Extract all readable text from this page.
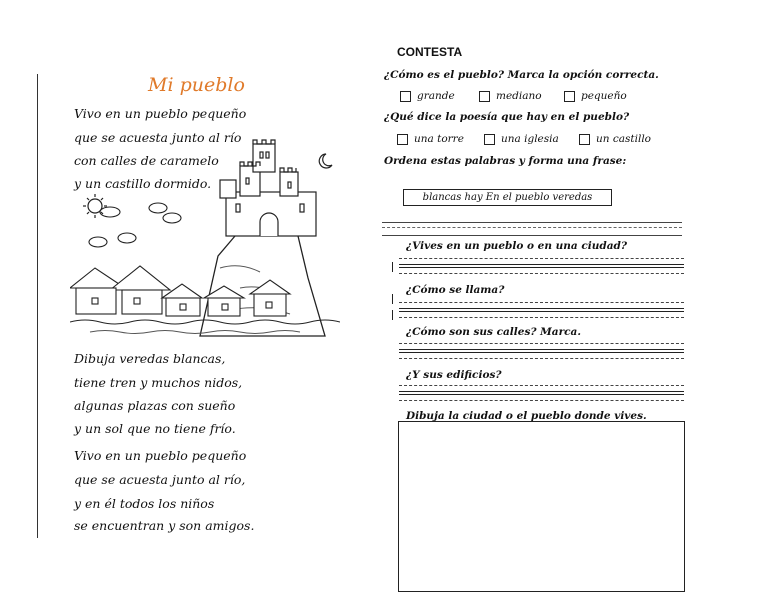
Mi pueblo
Vivo en un pueblo pequeño
que se acuesta junto al río
con calles de caramelo
y un castillo dormido.
Dibuja veredas blancas,
tiene tren y muchos nidos,
algunas plazas con sueño
y un sol que no tiene frío.
Vivo en un pueblo pequeño
que se acuesta junto al río,
y en él todos los niños
se encuentran y son amigos.
CONTESTA
¿Cómo es el pueblo? Marca la opción correcta.
grande	mediano	pequeño
¿Qué dice la poesía que hay en el pueblo?
una torre	una iglesia	un castillo
Ordena estas palabras y forma una frase:
blancas hay En el pueblo veredas
¿Vives en un pueblo o en una ciudad?
¿Cómo se llama?
¿Cómo son sus calles? Marca.
¿Y sus edificios?
Dibuja la ciudad o el pueblo donde vives.
